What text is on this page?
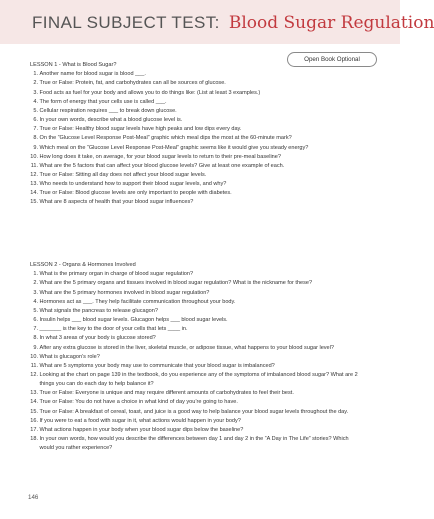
FINAL SUBJECT TEST: Blood Sugar Regulation
Open Book Optional
LESSON 1 - What is Blood Sugar?
1. Another name for blood sugar is blood ___.
2. True or False: Protein, fat, and carbohydrates can all be sources of glucose.
3. Food acts as fuel for your body and allows you to do things like: (List at least 3 examples.)
4. The form of energy that your cells use is called ___.
5. Cellular respiration requires ___ to break down glucose.
6. In your own words, describe what a blood glucose level is.
7. True or False: Healthy blood sugar levels have high peaks and low dips every day.
8. On the “Glucose Level Response Post-Meal” graphic which meal dips the most at the 60-minute mark?
9. Which meal on the “Glucose Level Response Post-Meal” graphic seems like it would give you steady energy?
10. How long does it take, on average, for your blood sugar levels to return to their pre-meal baseline?
11. What are the 5 factors that can affect your blood glucose levels? Give at least one example of each.
12. True or False: Sitting all day does not affect your blood sugar levels.
13. Who needs to understand how to support their blood sugar levels, and why?
14. True or False: Blood glucose levels are only important to people with diabetes.
15. What are 8 aspects of health that your blood sugar influences?
LESSON 2 - Organs & Hormones Involved
1. What is the primary organ in charge of blood sugar regulation?
2. What are the 5 primary organs and tissues involved in blood sugar regulation? What is the nickname for these?
3. What are the 5 primary hormones involved in blood sugar regulation?
4. Hormones act as ___. They help facilitate communication throughout your body.
5. What signals the pancreas to release glucagon?
6. Insulin helps ___ blood sugar levels. Glucagon helps ___ blood sugar levels.
7. _______ is the key to the door of your cells that lets ____ in.
8. In what 3 areas of your body is glucose stored?
9. After any extra glucose is stored in the liver, skeletal muscle, or adipose tissue, what happens to your blood sugar level?
10. What is glucagon’s role?
11. What are 5 symptoms your body may use to communicate that your blood sugar is imbalanced?
12. Looking at the chart on page 139 in the textbook, do you experience any of the symptoms of imbalanced blood sugar? What are 2 things you can do each day to help balance it?
13. True or False: Everyone is unique and may require different amounts of carbohydrates to feel their best.
14. True or False: You do not have a choice in what kind of day you’re going to have.
15. True or False: A breakfast of cereal, toast, and juice is a good way to help balance your blood sugar levels throughout the day.
16. If you were to eat a food with sugar in it, what actions would happen in your body?
17. What actions happen in your body when your blood sugar dips below the baseline?
18. In your own words, how would you describe the differences between day 1 and day 2 in the “A Day in The Life” stories? Which would you rather experience?
146
